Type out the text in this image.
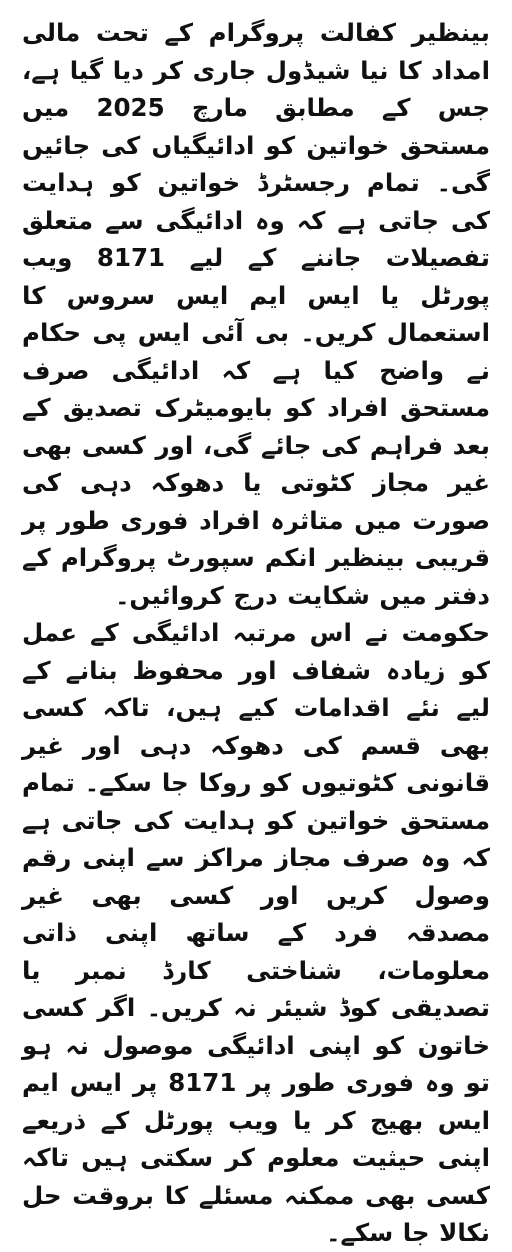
بینظیر کفالت پروگرام کے تحت مالی امداد کا نیا شیڈول جاری کر دیا گیا ہے، جس کے مطابق مارچ 2025 میں مستحق خواتین کو ادائیگیاں کی جائیں گی۔ تمام رجسٹرڈ خواتین کو ہدایت کی جاتی ہے کہ وہ ادائیگی سے متعلق تفصیلات جاننے کے لیے 8171 ویب پورٹل یا ایس ایم ایس سروس کا استعمال کریں۔ بی آئی ایس پی حکام نے واضح کیا ہے کہ ادائیگی صرف مستحق افراد کو بایومیٹرک تصدیق کے بعد فراہم کی جائے گی، اور کسی بھی غیر مجاز کٹوتی یا دھوکہ دہی کی صورت میں متاثرہ افراد فوری طور پر قریبی بینظیر انکم سپورٹ پروگرام کے دفتر میں شکایت درج کروائیں۔

حکومت نے اس مرتبہ ادائیگی کے عمل کو زیادہ شفاف اور محفوظ بنانے کے لیے نئے اقدامات کیے ہیں، تاکہ کسی بھی قسم کی دھوکہ دہی اور غیر قانونی کٹوتیوں کو روکا جا سکے۔ تمام مستحق خواتین کو ہدایت کی جاتی ہے کہ وہ صرف مجاز مراکز سے اپنی رقم وصول کریں اور کسی بھی غیر مصدقہ فرد کے ساتھ اپنی ذاتی معلومات، شناختی کارڈ نمبر یا تصدیقی کوڈ شیئر نہ کریں۔ اگر کسی خاتون کو اپنی ادائیگی موصول نہ ہو تو وہ فوری طور پر 8171 پر ایس ایم ایس بھیج کر یا ویب پورٹل کے ذریعے اپنی حیثیت معلوم کر سکتی ہیں تاکہ کسی بھی ممکنہ مسئلے کا بروقت حل نکالا جا سکے۔
